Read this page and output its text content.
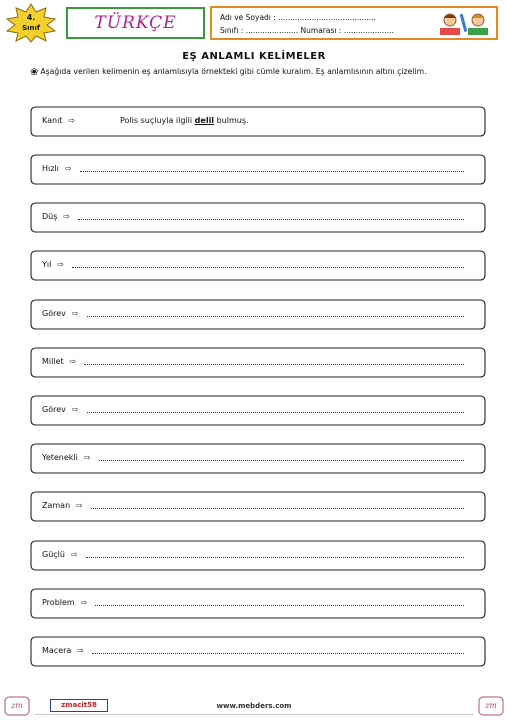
4.
Sınıf	TÜRKÇE	Adı ve Soyadı : .........................................
Sınıfı : ...................... Numarası : .....................
EŞ ANLAMLI KELİMELER
❀ Aşağıda verilen kelimenin eş anlamlısıyla örnekteki gibi cümle kuralım. Eş anlamlısının altını çizelim.
Kanıt ⇨	Polis suçluyla ilgili delil bulmuş.
Hızlı ⇨
Düş ⇨
Yıl ⇨
Görev ⇨
Millet ⇨
Görev ⇨
Yetenekli ⇨
Zaman ⇨
Güçlü ⇨
Problem ⇨
Macera ⇨
zm	zmacit58	www.mebders.com	zm
